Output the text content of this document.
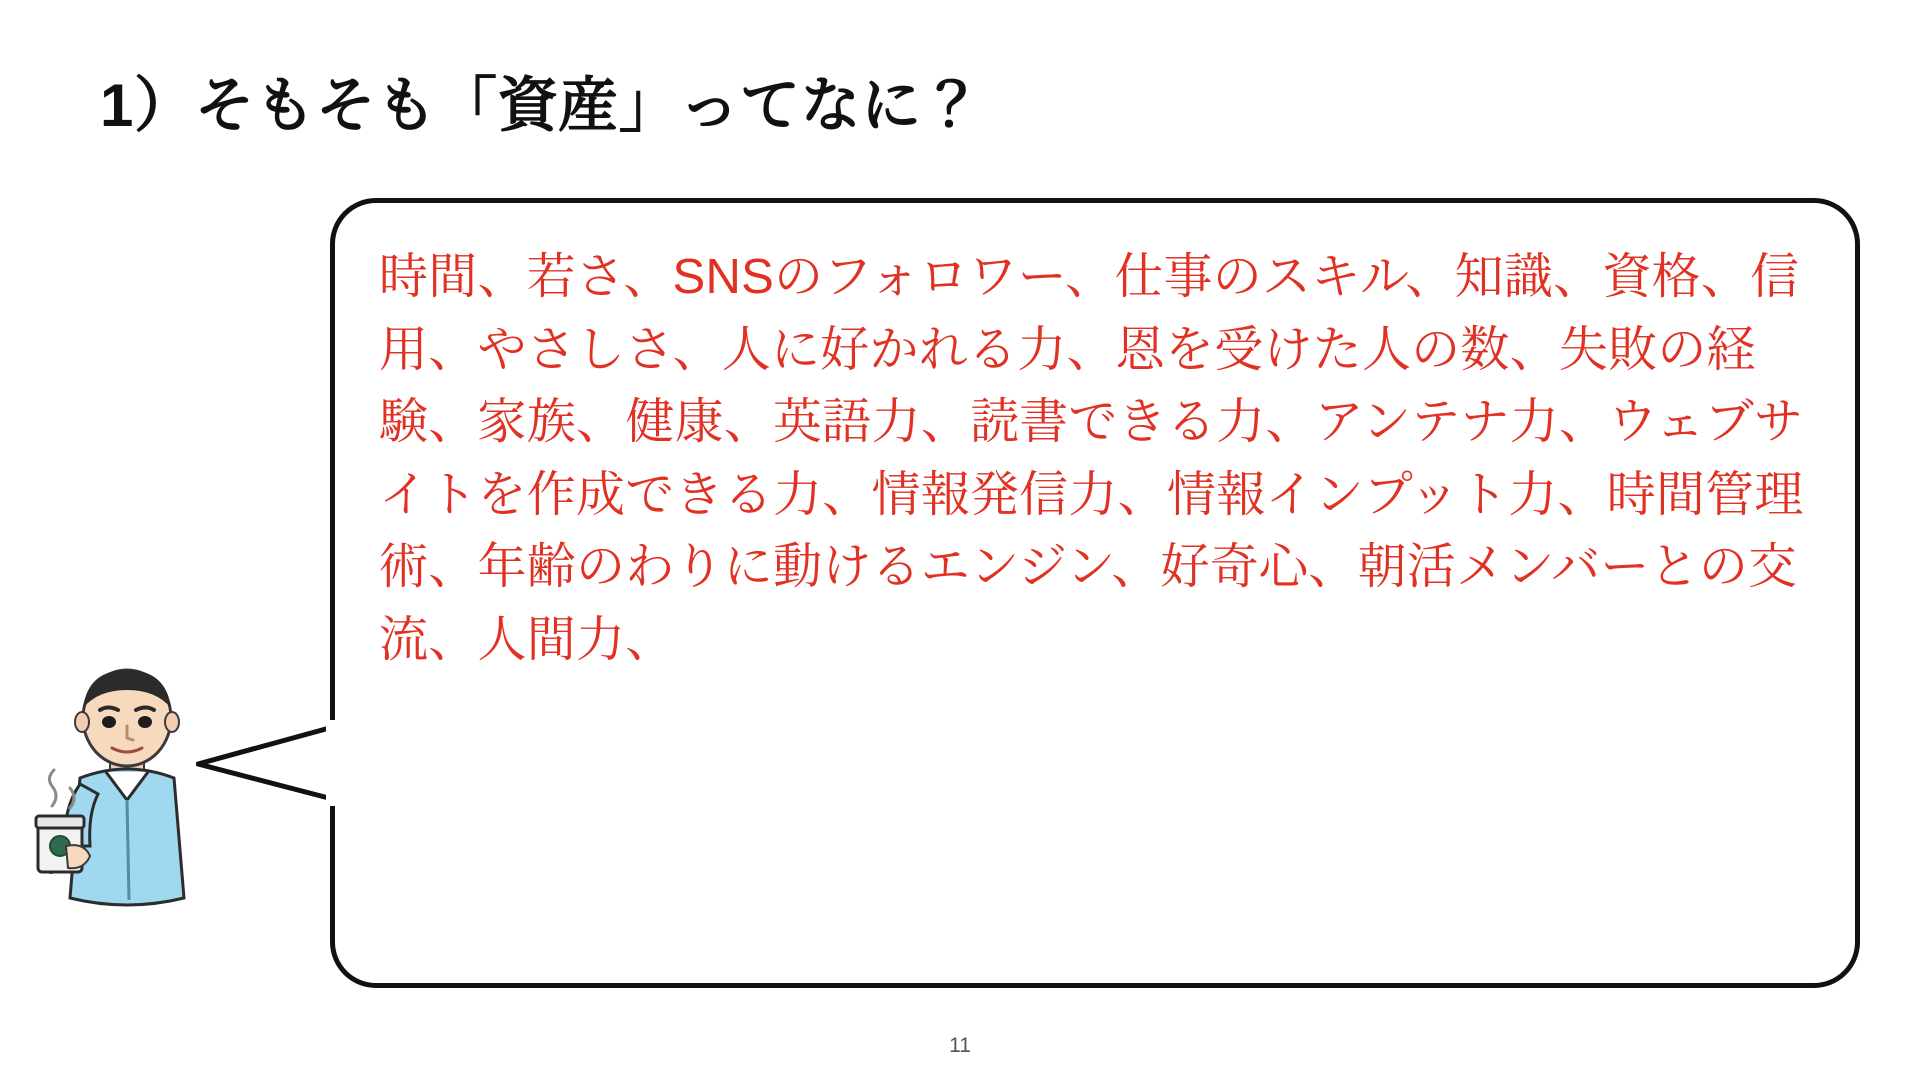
1）そもそも「資産」ってなに？
時間、若さ、SNSのフォロワー、仕事のスキル、知識、資格、信用、やさしさ、人に好かれる力、恩を受けた人の数、失敗の経験、家族、健康、英語力、読書できる力、アンテナ力、ウェブサイトを作成できる力、情報発信力、情報インプット力、時間管理術、年齢のわりに動けるエンジン、好奇心、朝活メンバーとの交流、人間力、
11
